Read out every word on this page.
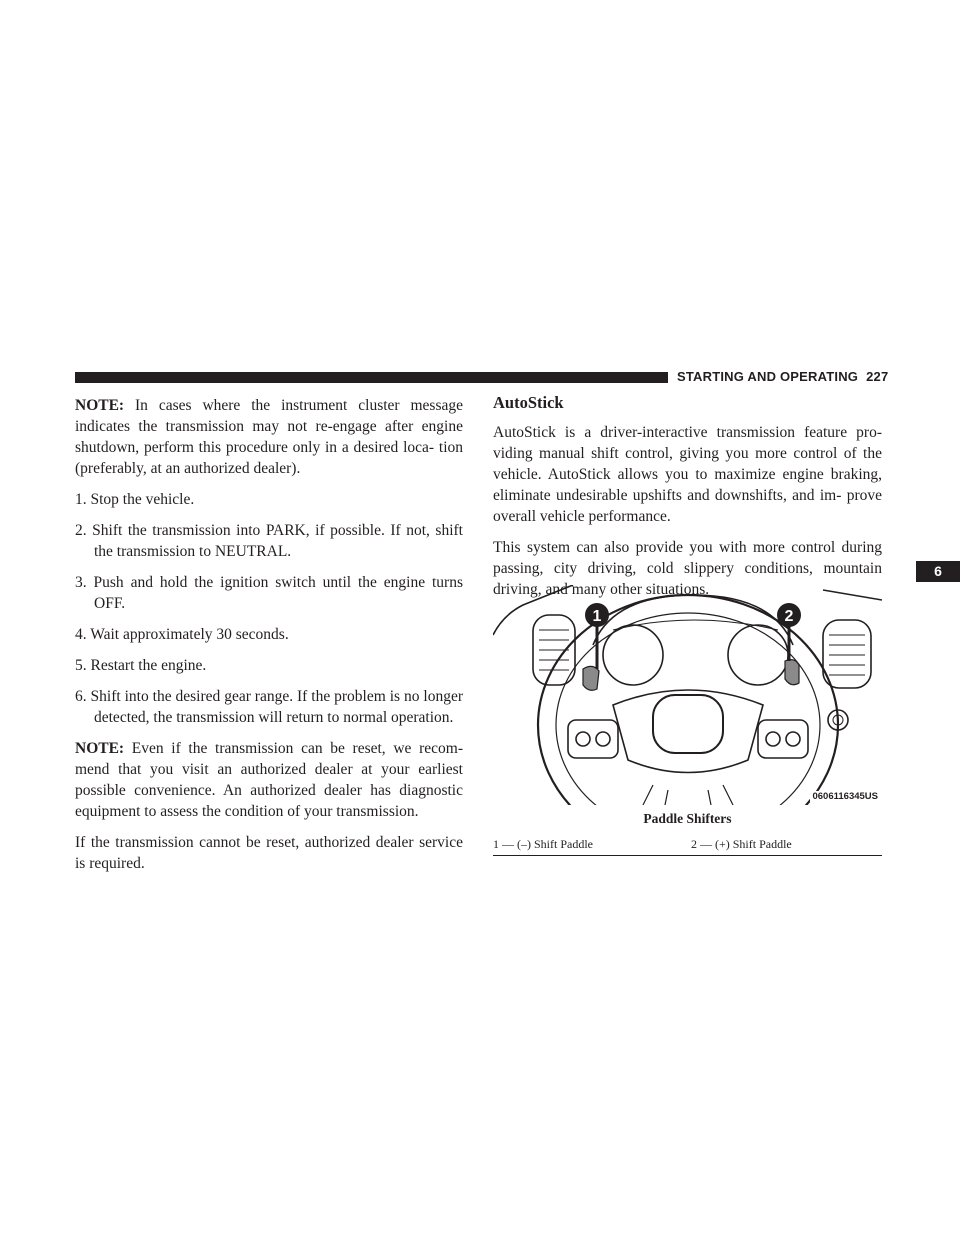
STARTING AND OPERATING 227
6

NOTE: In cases where the instrument cluster message indicates the transmission may not re-engage after engine shutdown, perform this procedure only in a desired loca- tion (preferably, at an authorized dealer).

1. Stop the vehicle.

2. Shift the transmission into PARK, if possible. If not, shift the transmission to NEUTRAL.

3. Push and hold the ignition switch until the engine turns OFF.

4. Wait approximately 30 seconds.

5. Restart the engine.

6. Shift into the desired gear range. If the problem is no longer detected, the transmission will return to normal operation.

NOTE: Even if the transmission can be reset, we recom- mend that you visit an authorized dealer at your earliest possible convenience. An authorized dealer has diagnostic equipment to assess the condition of your transmission.

If the transmission cannot be reset, authorized dealer service is required.

AutoStick

AutoStick is a driver-interactive transmission feature pro- viding manual shift control, giving you more control of the vehicle. AutoStick allows you to maximize engine braking, eliminate undesirable upshifts and downshifts, and im- prove overall vehicle performance.

This system can also provide you with more control during passing, city driving, cold slippery conditions, mountain driving, and many other situations.

1	2
0606116345US
Paddle Shifters
1 — (–) Shift Paddle	2 — (+) Shift Paddle
